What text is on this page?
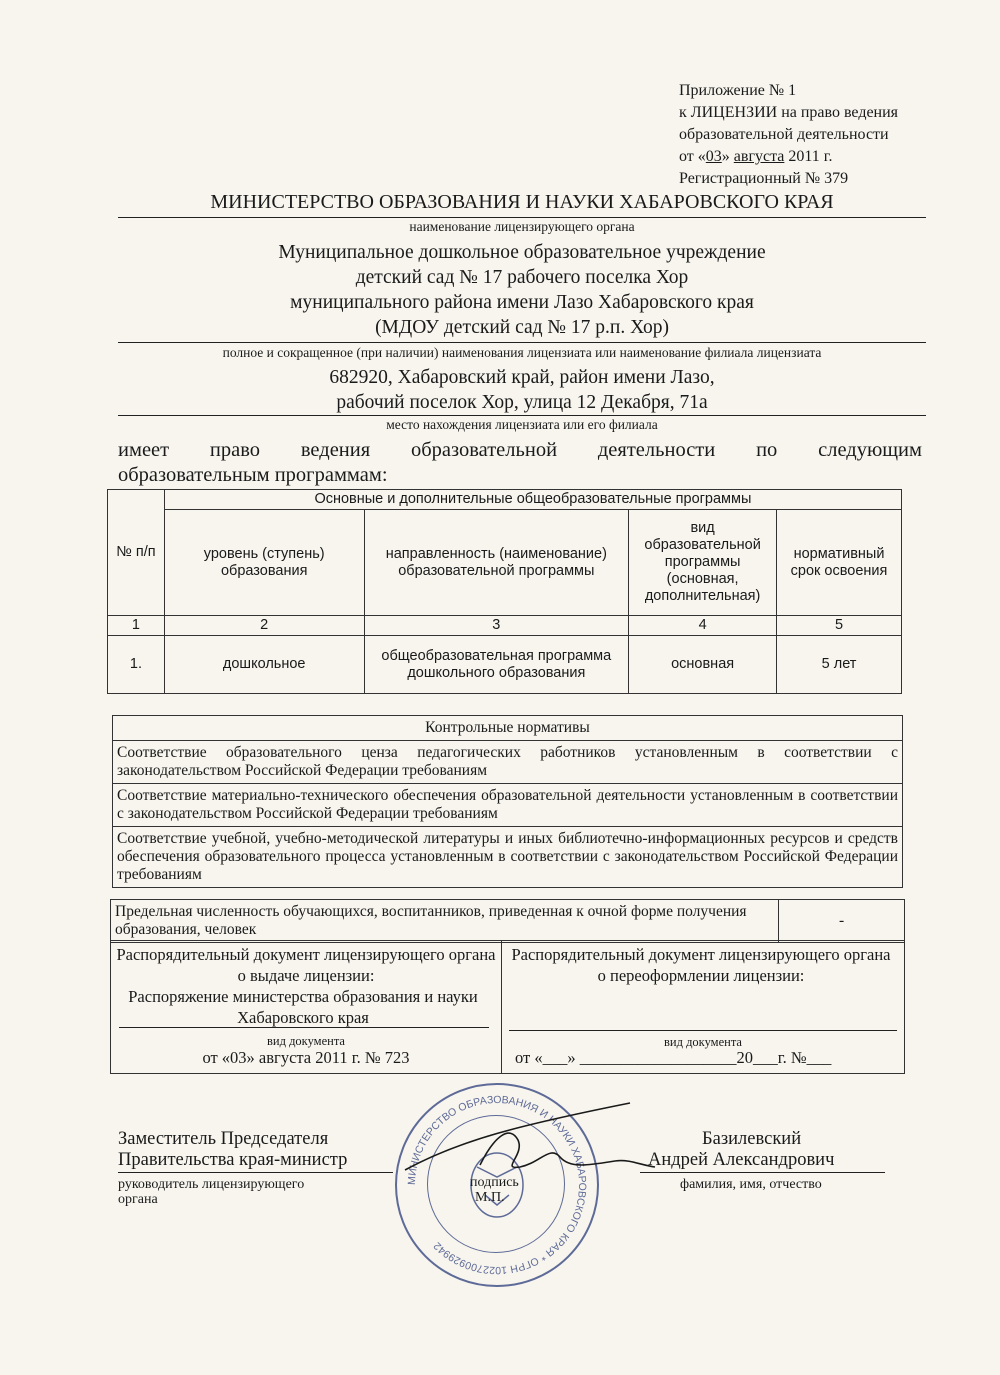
Приложение № 1
к ЛИЦЕНЗИИ на право ведения
образовательной деятельности
от «03» августа 2011 г.
Регистрационный № 379
МИНИСТЕРСТВО ОБРАЗОВАНИЯ И НАУКИ ХАБАРОВСКОГО КРАЯ
наименование лицензирующего органа
Муниципальное дошкольное образовательное учреждение
детский сад № 17 рабочего поселка Хор
муниципального района имени Лазо Хабаровского края
(МДОУ детский сад № 17 р.п. Хор)
полное и сокращенное (при наличии) наименования лицензиата или наименование филиала лицензиата
682920, Хабаровский край, район имени Лазо,
рабочий поселок Хор, улица 12 Декабря, 71а
место нахождения лицензиата или его филиала
имеет право ведения образовательной деятельности по следующим
образовательным программам:
№ п/п	Основные и дополнительные общеобразовательные программы			
	уровень (ступень) образования	направленность (наименование) образовательной программы	вид образовательной программы (основная, дополнительная)	нормативный срок освоения
1	2	3	4	5
1.	дошкольное	общеобразовательная программа дошкольного образования	основная	5 лет
Контрольные нормативы
Соответствие образовательного ценза педагогических работников установленным в соответствии с законодательством Российской Федерации требованиям
Соответствие материально-технического обеспечения образовательной деятельности установленным в соответствии с законодательством Российской Федерации требованиям
Соответствие учебной, учебно-методической литературы и иных библиотечно-информационных ресурсов и средств обеспечения образовательного процесса установленным в соответствии с законодательством Российской Федерации требованиям
Предельная численность обучающихся, воспитанников, приведенная к очной форме получения образования, человек	-
Распорядительный документ лицензирующего органа о выдаче лицензии:
Распоряжение министерства образования и науки Хабаровского края
вид документа
от «03» августа 2011 г. № 723
Распорядительный документ лицензирующего органа о переоформлении лицензии:
вид документа
от «___» ___________________20___г. №___
МИНИСТЕРСТВО ОБРАЗОВАНИЯ И НАУКИ ХАБАРОВСКОГО КРАЯ * ОГРН 1022700929942
Заместитель Председателя
Правительства края-министр
руководитель лицензирующего
органа
подпись
М.П.
Базилевский
Андрей Александрович
фамилия, имя, отчество
